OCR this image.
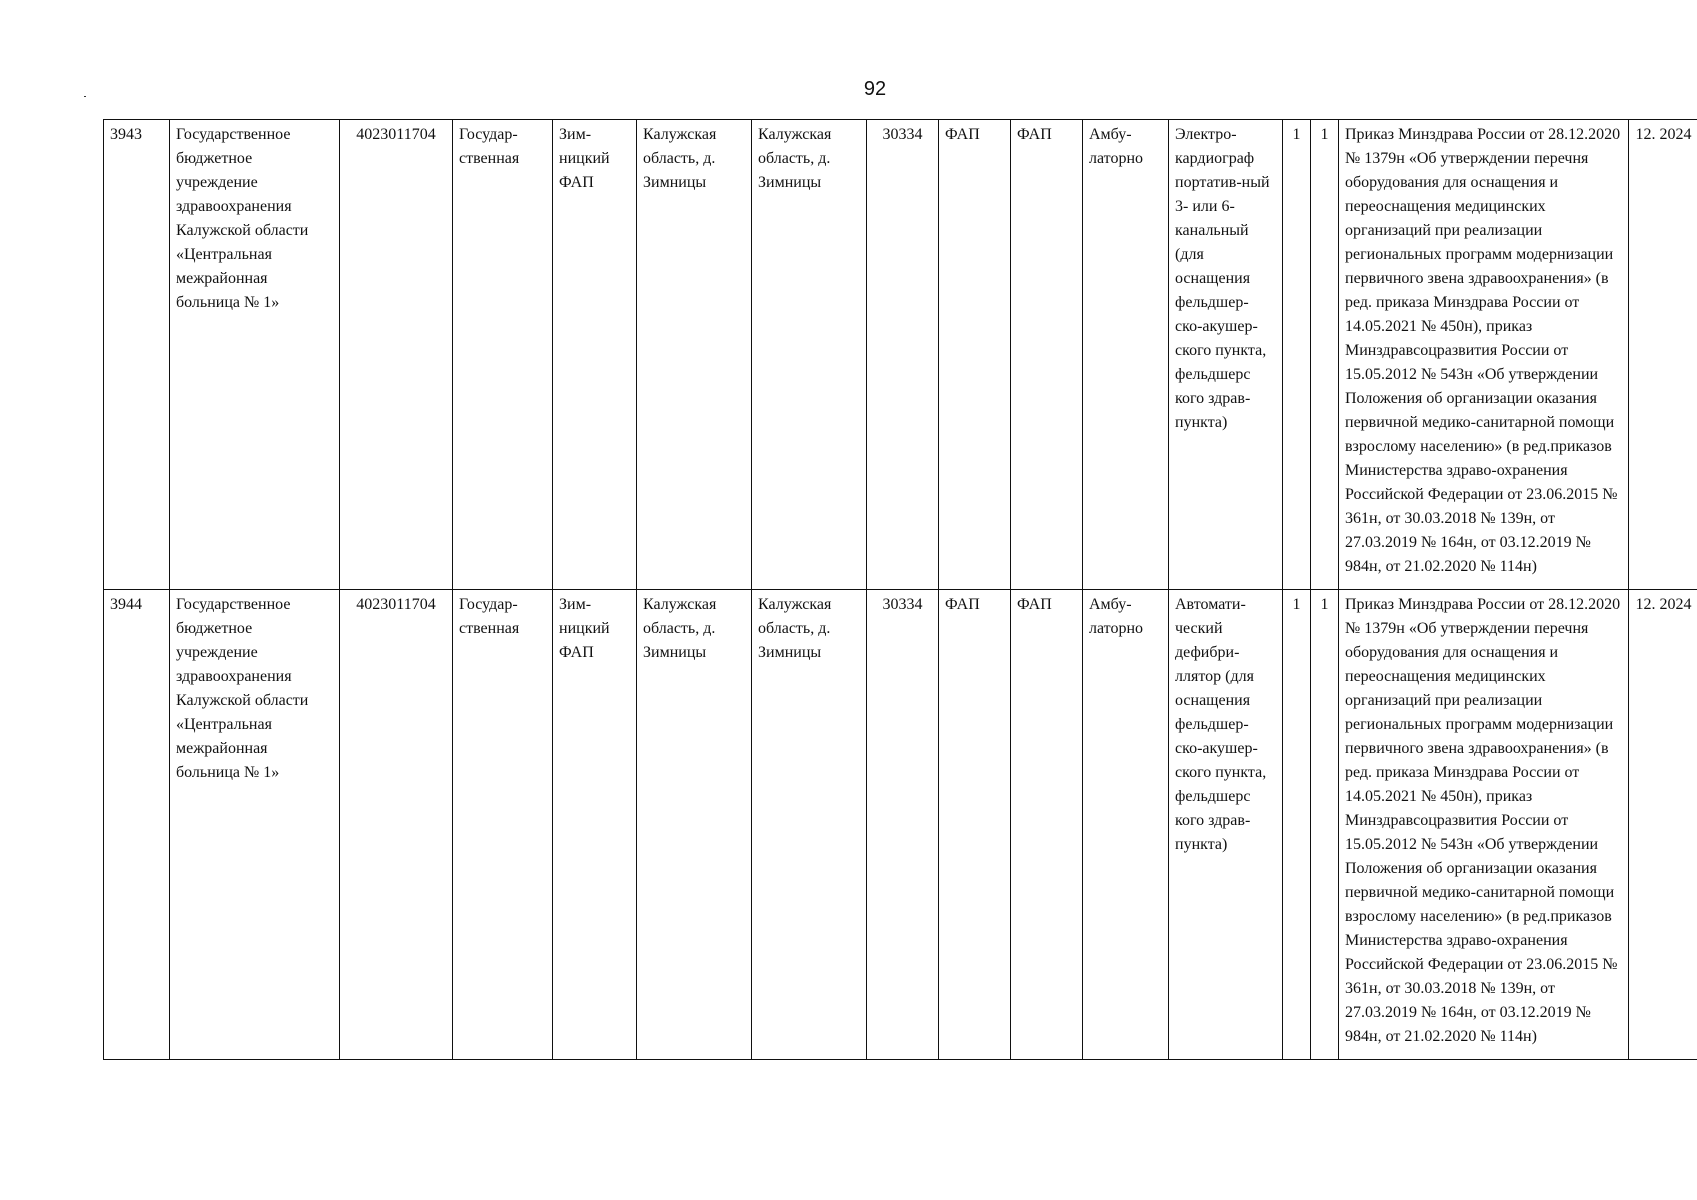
92
3943	Государственное бюджетное учреждение здравоохранения Калужской области «Центральная межрайонная больница № 1»	4023011704	Государ-ственная	Зим-ницкий ФАП	Калужская область, д. Зимницы	Калужская область, д. Зимницы	30334	ФАП	ФАП	Амбу-латорно	Электро-кардиограф портатив-ный 3- или 6-канальный (для оснащения фельдшер-ско-акушер-ского пункта, фельдшерс кого здрав-пункта)	1	1	Приказ Минздрава России от 28.12.2020 № 1379н «Об утверждении перечня оборудования для оснащения и переоснащения медицинских организаций при реализации региональных программ модернизации первичного звена здравоохранения» (в ред. приказа Минздрава России от 14.05.2021 № 450н), приказ Минздравсоцразвития России от 15.05.2012 № 543н «Об утверждении Положения об организации оказания первичной медико-санитарной помощи взрослому населению» (в ред.приказов Министерства здраво-охранения Российской Федерации от 23.06.2015 № 361н, от 30.03.2018 № 139н, от 27.03.2019 № 164н, от 03.12.2019 № 984н, от 21.02.2020 № 114н)	12. 2024
3944	Государственное бюджетное учреждение здравоохранения Калужской области «Центральная межрайонная больница № 1»	4023011704	Государ-ственная	Зим-ницкий ФАП	Калужская область, д. Зимницы	Калужская область, д. Зимницы	30334	ФАП	ФАП	Амбу-латорно	Автомати-ческий дефибри-ллятор (для оснащения фельдшер-ско-акушер-ского пункта, фельдшерс кого здрав-пункта)	1	1	Приказ Минздрава России от 28.12.2020 № 1379н «Об утверждении перечня оборудования для оснащения и переоснащения медицинских организаций при реализации региональных программ модернизации первичного звена здравоохранения» (в ред. приказа Минздрава России от 14.05.2021 № 450н), приказ Минздравсоцразвития России от 15.05.2012 № 543н «Об утверждении Положения об организации оказания первичной медико-санитарной помощи взрослому населению» (в ред.приказов Министерства здраво-охранения Российской Федерации от 23.06.2015 № 361н, от 30.03.2018 № 139н, от 27.03.2019 № 164н, от 03.12.2019 № 984н, от 21.02.2020 № 114н)	12. 2024
